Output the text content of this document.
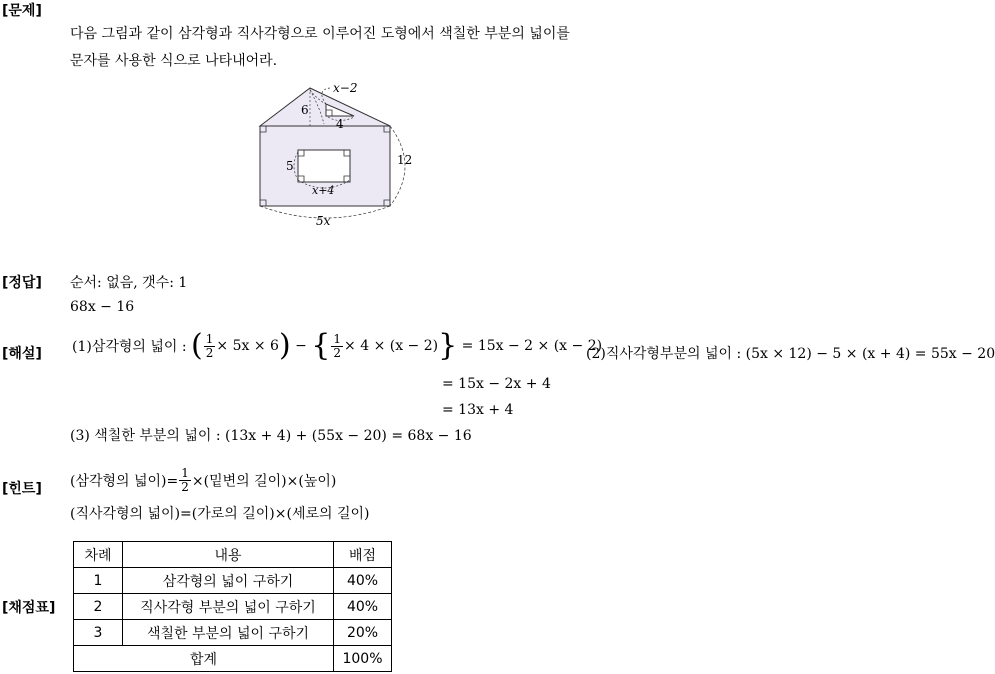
[문제]
다음 그림과 같이 삼각형과 직사각형으로 이루어진 도형에서 색칠한 부분의 넓이를
문자를 사용한 식으로 나타내어라.
x−2
6
4
5
x+4
12
5x
[정답] 순서: 없음, 갯수: 1
68x − 16
[해설] (1)삼각형의 넓이 : ( $\frac{1}{2} \times 5x \times 6$) − { $\frac{1}{2} \times 4 \times (x - 2)\} = 15x - 2 \times (x - 2)$
(2)직사각형부분의 넓이 : (5x × 12) − 5 × (x + 4) = 55x − 20
= 15x − 2x + 4
= 13x + 4
(3) 색칠한 부분의 넓이 : (13x + 4) + (55x − 20) = 68x − 16
[힌트] (삼각형의 넓이)= $\frac{1}{2}$ ×(밑변의 길이)×(높이)
(직사각형의 넓이)=(가로의 길이)×(세로의 길이)
[채점표]
차례	내용	배점
1	삼각형의 넓이 구하기	40%
2	직사각형 부분의 넓이 구하기	40%
3	색칠한 부분의 넓이 구하기	20%
합계		100%
